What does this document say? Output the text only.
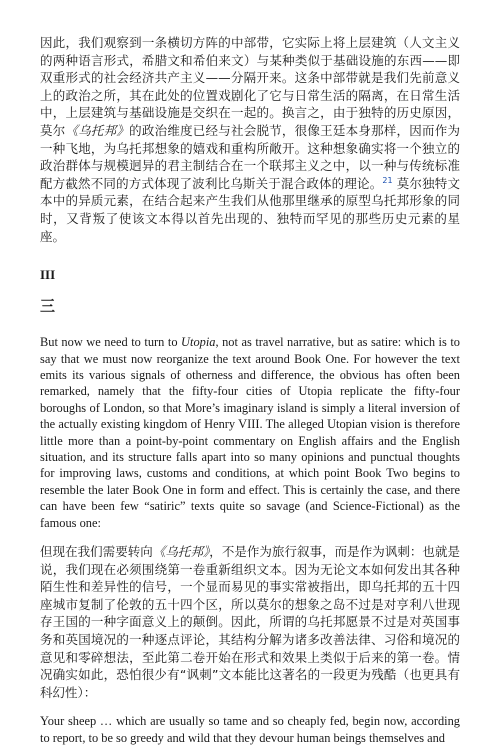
因此，我们观察到一条横切方阵的中部带，它实际上将上层建筑（人文主义的两种语言形式，希腊文和希伯来文）与某种类似于基础设施的东西——即双重形式的社会经济共产主义——分隔开来。这条中部带就是我们先前意义上的政治之所，其在此处的位置戏剧化了它与日常生活的隔离，在日常生活中，上层建筑与基础设施是交织在一起的。换言之，由于独特的历史原因，莫尔《乌托邦》的政治维度已经与社会脱节，很像王廷本身那样，因而作为一种飞地，为乌托邦想象的嬉戏和重构所敞开。这种想象确实将一个独立的政治群体与规模迥异的君主制结合在一个联邦主义之中，以一种与传统标准配方截然不同的方式体现了波利比乌斯关于混合政体的理论。$^{21}$ 莫尔独特文本中的异质元素，在结合起来产生我们从他那里继承的原型乌托邦形象的同时，又背叛了使该文本得以首先出现的、独特而罕见的那些历史元素的星座。

III

三

But now we need to turn to Utopia, not as travel narrative, but as satire: which is to say that we must now reorganize the text around Book One. For however the text emits its various signals of otherness and difference, the obvious has often been remarked, namely that the fifty-four cities of Utopia replicate the fifty-four boroughs of London, so that More’s imaginary island is simply a literal inversion of the actually existing kingdom of Henry VIII. The alleged Utopian vision is therefore little more than a point-by-point commentary on English affairs and the English situation, and its structure falls apart into so many opinions and punctual thoughts for improving laws, customs and conditions, at which point Book Two begins to resemble the later Book One in form and effect. This is certainly the case, and there can have been few “satiric” texts quite so savage (and Science-Fictional) as the famous one:

但现在我们需要转向《乌托邦》，不是作为旅行叙事，而是作为讽刺：也就是说，我们现在必须围绕第一卷重新组织文本。因为无论文本如何发出其各种陌生性和差异性的信号，一个显而易见的事实常被指出，即乌托邦的五十四座城市复制了伦敦的五十四个区，所以莫尔的想象之岛不过是对亨利八世现存王国的一种字面意义上的颠倒。因此，所谓的乌托邦愿景不过是对英国事务和英国境况的一种逐点评论，其结构分解为诸多改善法律、习俗和境况的意见和零碎想法，至此第二卷开始在形式和效果上类似于后来的第一卷。情况确实如此，恐怕很少有“讽刺”文本能比这著名的一段更为残酷（也更具有科幻性）：

Your sheep … which are usually so tame and so cheaply fed, begin now, according to report, to be so greedy and wild that they devour human beings themselves and
